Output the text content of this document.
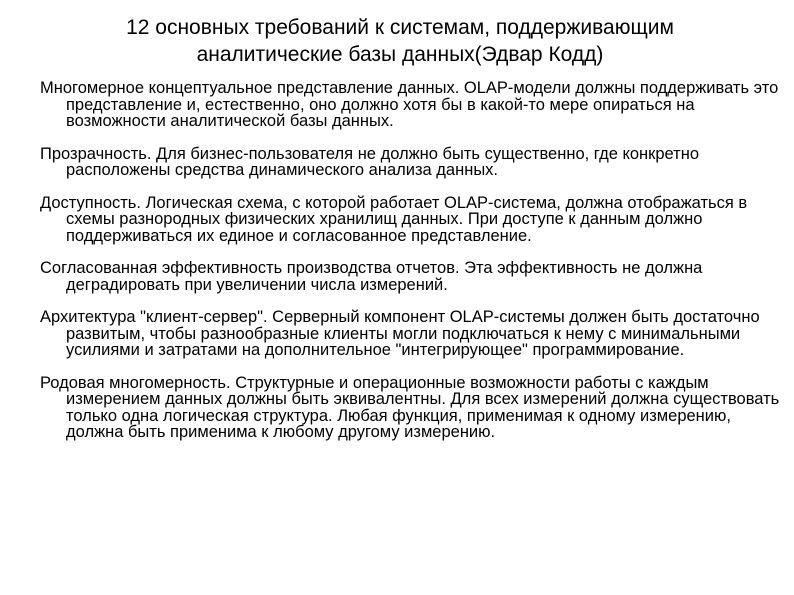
12 основных требований к системам, поддерживающим
аналитические базы данных(Эдвар Кодд)
Многомерное концептуальное представление данных. OLAP-модели должны поддерживать это представление и, естественно, оно должно хотя бы в какой-то мере опираться на возможности аналитической базы данных.
Прозрачность. Для бизнес-пользователя не должно быть существенно, где конкретно расположены средства динамического анализа данных.
Доступность. Логическая схема, с которой работает OLAP-система, должна отображаться в схемы разнородных физических хранилищ данных. При доступе к данным должно поддерживаться их единое и согласованное представление.
Согласованная эффективность производства отчетов. Эта эффективность не должна деградировать при увеличении числа измерений.
Архитектура "клиент-сервер". Серверный компонент OLAP-системы должен быть достаточно развитым, чтобы разнообразные клиенты могли подключаться к нему с минимальными усилиями и затратами на дополнительное "интегрирующее" программирование.
Родовая многомерность. Структурные и операционные возможности работы с каждым измерением данных должны быть эквивалентны. Для всех измерений должна существовать только одна логическая структура. Любая функция, применимая к одному измерению, должна быть применима к любому другому измерению.
